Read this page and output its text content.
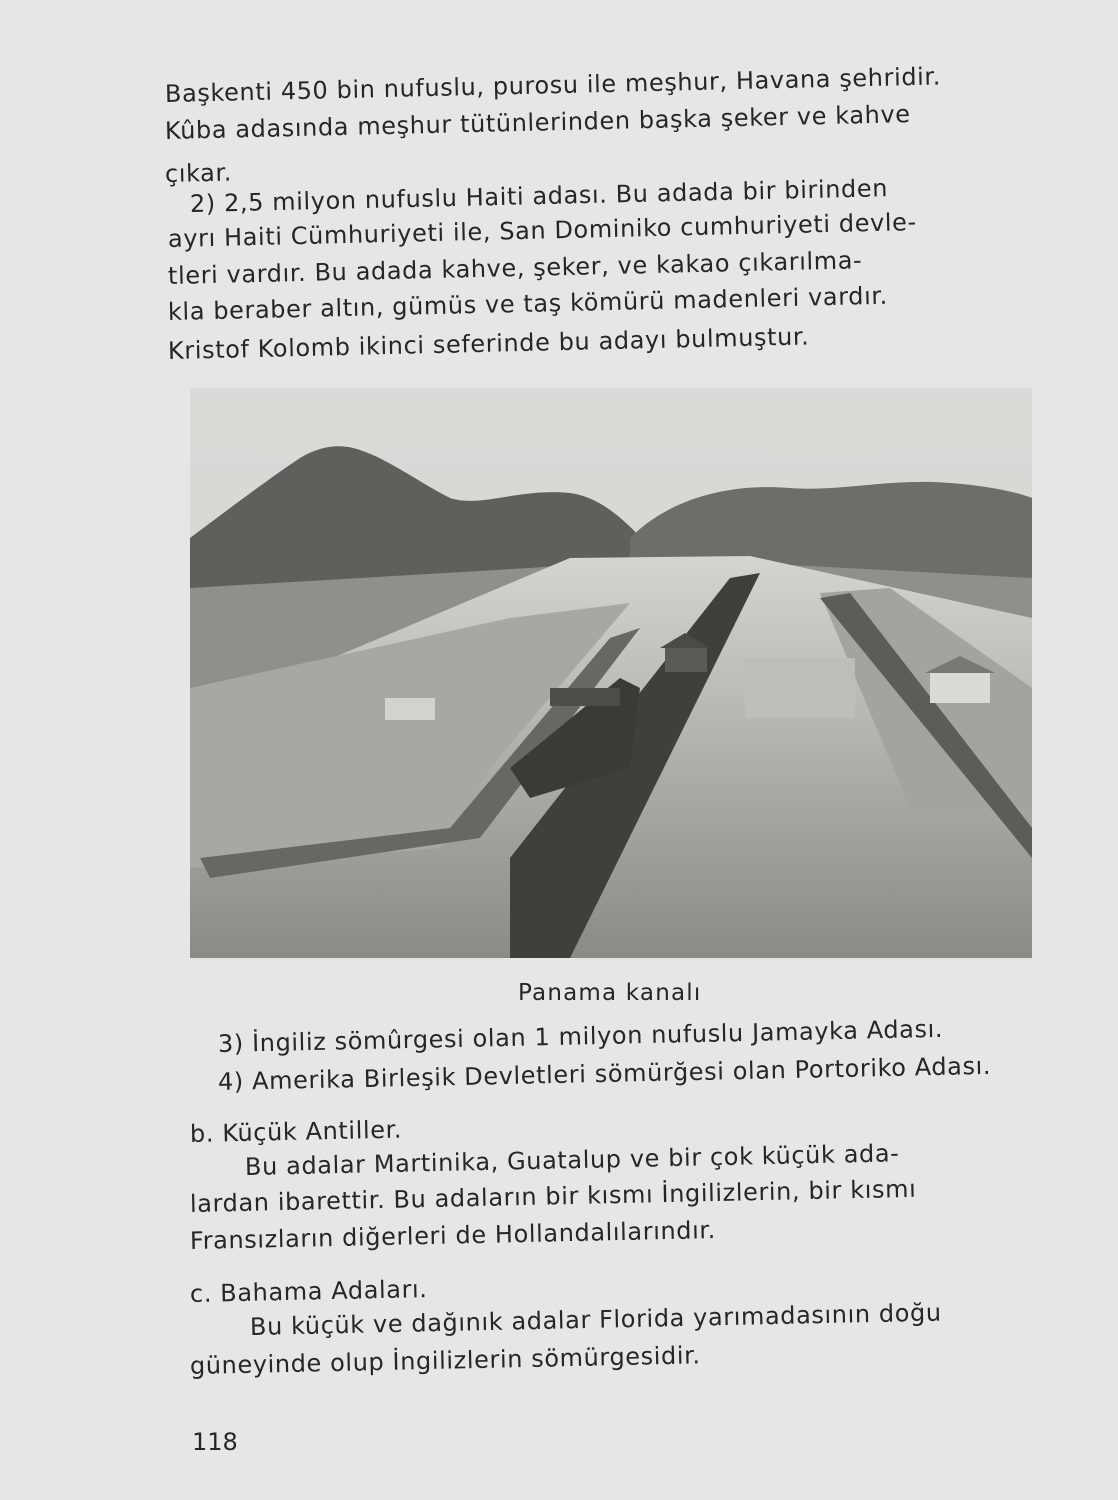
Başkenti 450 bin nufuslu, purosu ile meşhur, Havana şehridir.
Kûba adasında meşhur tütünlerinden başka şeker ve kahve
çıkar.
2) 2,5 milyon nufuslu Haiti adası. Bu adada bir birinden
ayrı Haiti Cümhuriyeti ile, San Dominiko cumhuriyeti devle-
tleri vardır. Bu adada kahve, şeker, ve kakao çıkarılma-
kla beraber altın, gümüs ve taş kömürü madenleri vardır.
Kristof Kolomb ikinci seferinde bu adayı bulmuştur.
Panama kanalı
3) İngiliz sömûrgesi olan 1 milyon nufuslu Jamayka Adası.
4) Amerika Birleşik Devletleri sömürğesi olan Portoriko Adası.
b. Küçük Antiller.
Bu adalar Martinika, Guatalup ve bir çok küçük ada-
lardan ibarettir. Bu adaların bir kısmı İngilizlerin, bir kısmı
Fransızların diğerleri de Hollandalılarındır.
c. Bahama Adaları.
Bu küçük ve dağınık adalar Florida yarımadasının doğu
güneyinde olup İngilizlerin sömürgesidir.
118
